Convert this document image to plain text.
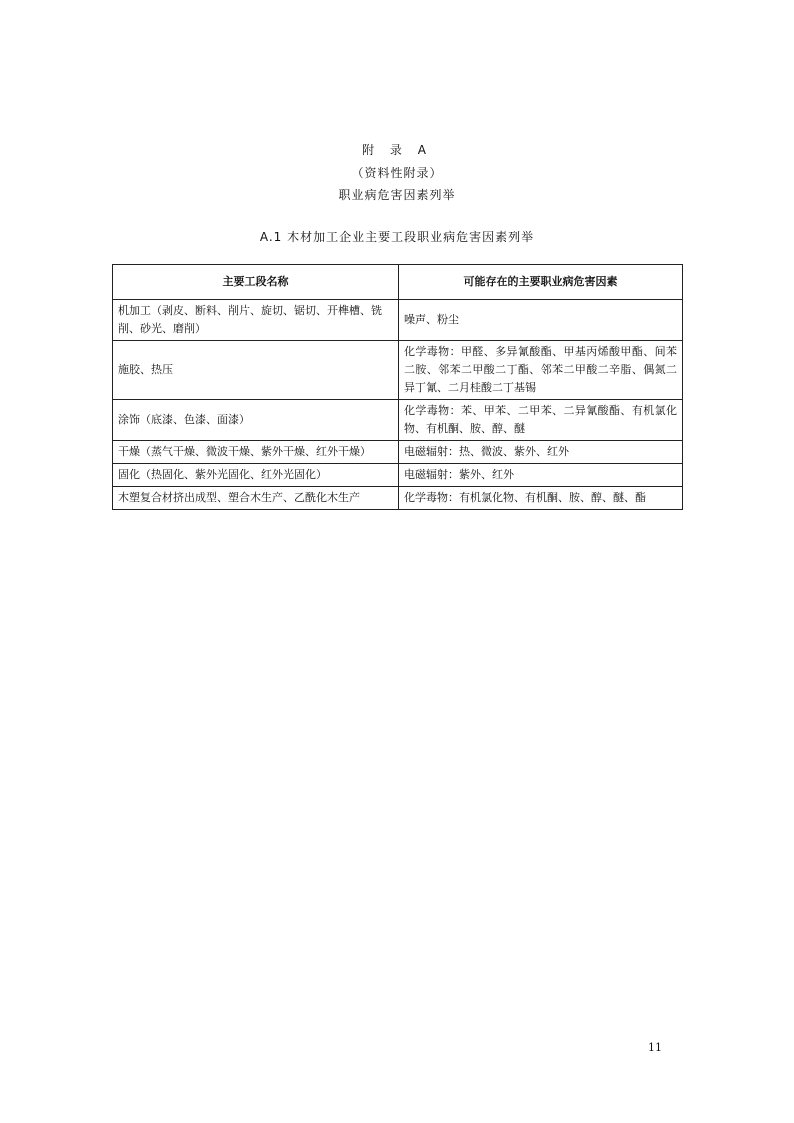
附 录 A
（资料性附录）
职业病危害因素列举
A.1 木材加工企业主要工段职业病危害因素列举
主要工段名称	可能存在的主要职业病危害因素
机加工（剥皮、断料、削片、旋切、锯切、开榫槽、铣削、砂光、磨削）	噪声、粉尘
施胶、热压	化学毒物：甲醛、多异氰酸酯、甲基丙烯酸甲酯、间苯二胺、邻苯二甲酸二丁酯、邻苯二甲酸二辛脂、偶氮二异丁氰、二月桂酸二丁基锡
涂饰（底漆、色漆、面漆）	化学毒物：苯、甲苯、二甲苯、二异氰酸酯、有机氯化物、有机酮、胺、醇、醚
干燥（蒸气干燥、微波干燥、紫外干燥、红外干燥）	电磁辐射：热、微波、紫外、红外
固化（热固化、紫外光固化、红外光固化）	电磁辐射：紫外、红外
木塑复合材挤出成型、塑合木生产、乙酰化木生产	化学毒物：有机氯化物、有机酮、胺、醇、醚、酯
11
